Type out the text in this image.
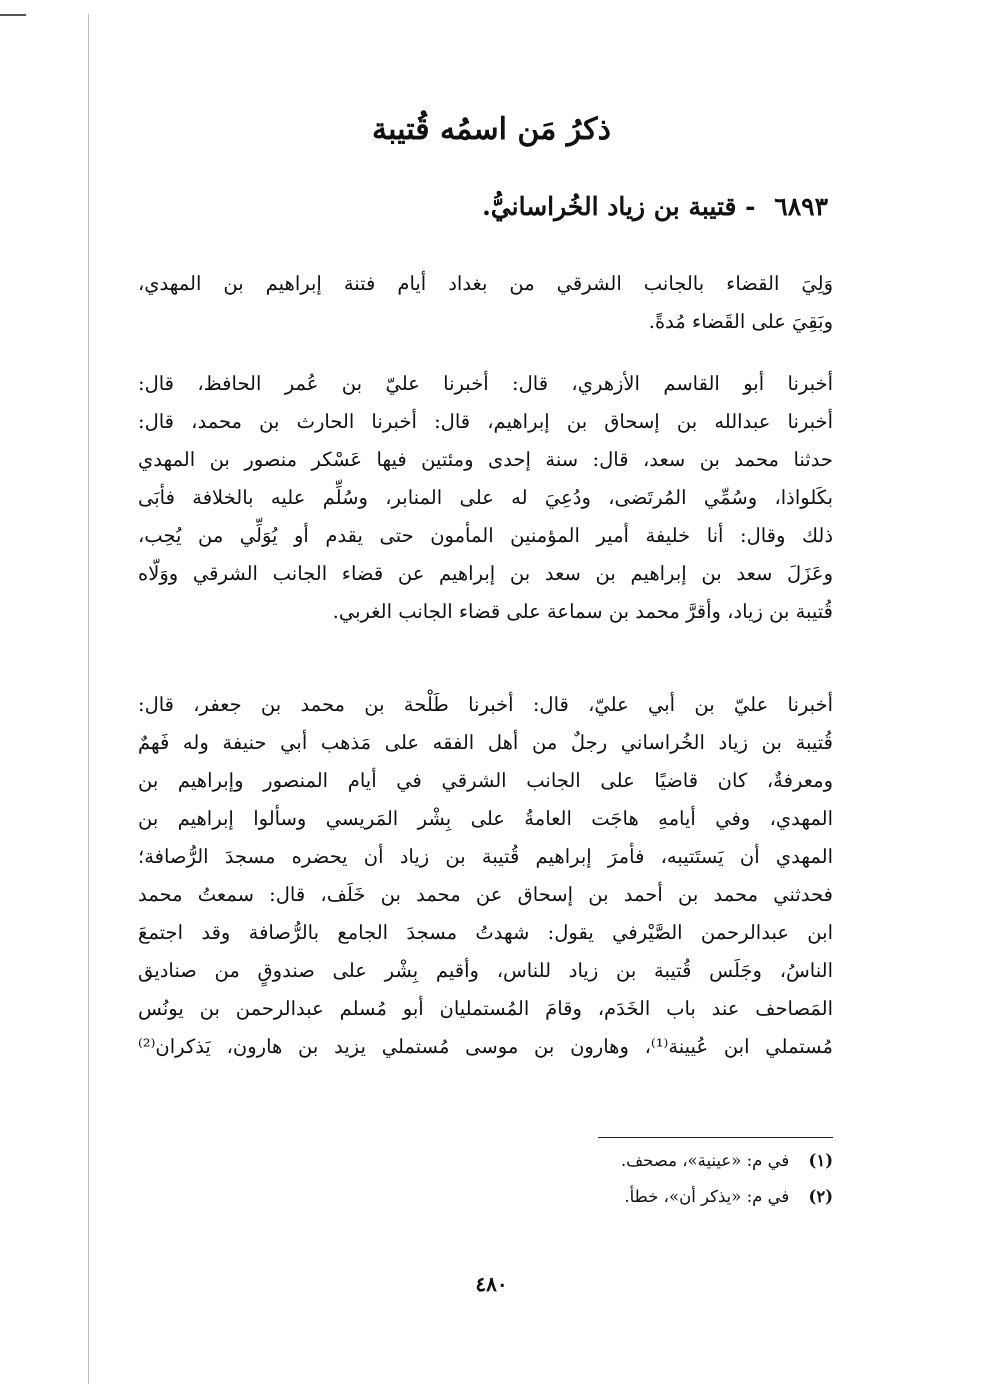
ذكرُ مَن اسمُه قُتيبة
٦٨٩٣ - قتيبة بن زياد الخُراسانيُّ.

وَلِيَ القضاء بالجانب الشرقي من بغداد أيام فتنة إبراهيم بن المهدي،
وبَقِيَ على القَضاء مُدةً.

أخبرنا أبو القاسم الأزهري، قال: أخبرنا عليّ بن عُمر الحافظ، قال:
أخبرنا عبدالله بن إسحاق بن إبراهيم، قال: أخبرنا الحارث بن محمد، قال:
حدثنا محمد بن سعد، قال: سنة إحدى ومئتين فيها عَسْكر منصور بن المهدي
بكَلواذا، وسُمِّي المُرتَضى، ودُعِيَ له على المنابر، وسُلِّم عليه بالخلافة فأبَى
ذلك وقال: أنا خليفة أمير المؤمنين المأمون حتى يقدم أو يُوَلِّي من يُحِب،
وعَزَلَ سعد بن إبراهيم بن سعد بن إبراهيم عن قضاء الجانب الشرقي ووَلّاه
قُتيبة بن زياد، وأقرَّ محمد بن سماعة على قضاء الجانب الغربي.

أخبرنا عليّ بن أبي عليّ، قال: أخبرنا طَلْحة بن محمد بن جعفر، قال:
قُتيبة بن زياد الخُراساني رجلٌ من أهل الفقه على مَذهب أبي حنيفة وله فَهمٌ
ومعرفةٌ، كان قاضيًا على الجانب الشرقي في أيام المنصور وإبراهيم بن
المهدي، وفي أيامهِ هاجَت العامةُ على بِشْر المَريسي وسألوا إبراهيم بن
المهدي أن يَستَتيبه، فأمرَ إبراهيم قُتيبة بن زياد أن يحضره مسجدَ الرُّصافة؛
فحدثني محمد بن أحمد بن إسحاق عن محمد بن خَلَف، قال: سمعتُ محمد
ابن عبدالرحمن الصَّيْرفي يقول: شهدتُ مسجدَ الجامع بالرُّصافة وقد اجتمعَ
الناسُ، وجَلَس قُتيبة بن زياد للناس، وأقيم بِشْر على صندوقٍ من صناديق
المَصاحف عند باب الخَدَم، وقامَ المُستمليان أبو مُسلم عبدالرحمن بن يونُس
مُستملي ابن عُيينة⁽¹⁾، وهارون بن موسى مُستملي يزيد بن هارون، يَذكران⁽²⁾

(١) في م: «عينية»، مصحف.
(٢) في م: «يذكر أن»، خطأ.
٤٨٠
